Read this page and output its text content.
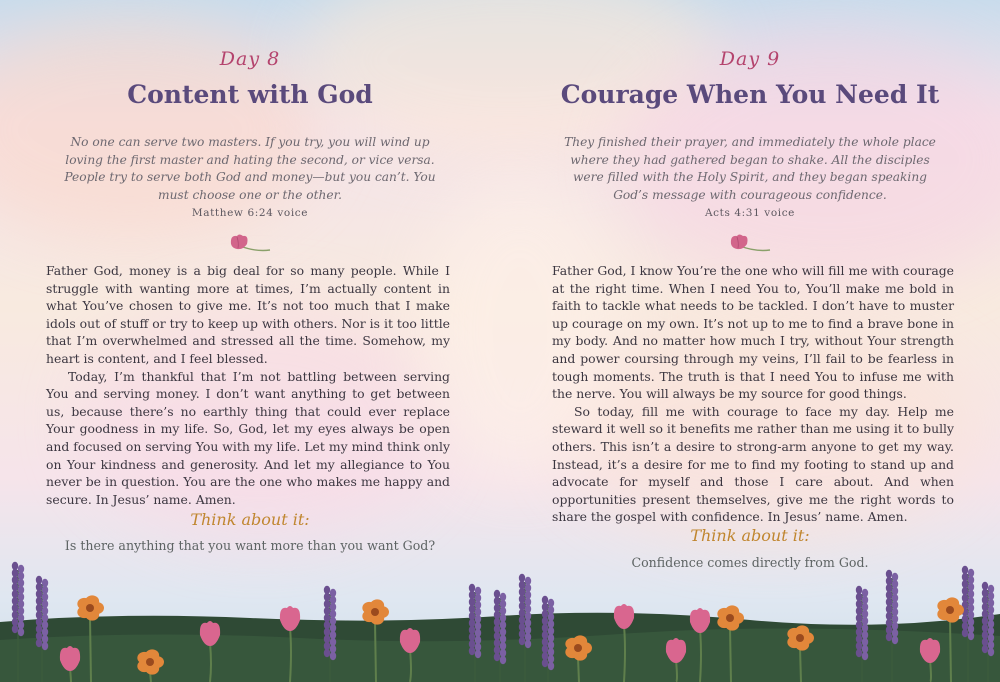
Day 8
Content with God
No one can serve two masters. If you try, you will wind up loving the first master and hating the second, or vice versa. People try to serve both God and money—but you can’t. You must choose one or the other.
Matthew 6:24 voice

Father God, money is a big deal for so many people. While I struggle with wanting more at times, I’m actually content in what You’ve chosen to give me. It’s not too much that I make idols out of stuff or try to keep up with others. Nor is it too little that I’m overwhelmed and stressed all the time. Somehow, my heart is content, and I feel blessed.

Today, I’m thankful that I’m not battling between serving You and serving money. I don’t want anything to get between us, because there’s no earthly thing that could ever replace Your goodness in my life. So, God, let my eyes always be open and focused on serving You with my life. Let my mind think only on Your kindness and generosity. And let my allegiance to You never be in question. You are the one who makes me happy and secure. In Jesus’ name. Amen.

Think about it:
Is there anything that you want more than you want God?
Day 9
Courage When You Need It
They finished their prayer, and immediately the whole place where they had gathered began to shake. All the disciples were filled with the Holy Spirit, and they began speaking God’s message with courageous confidence.
Acts 4:31 voice

Father God, I know You’re the one who will fill me with courage at the right time. When I need You to, You’ll make me bold in faith to tackle what needs to be tackled. I don’t have to muster up courage on my own. It’s not up to me to find a brave bone in my body. And no matter how much I try, without Your strength and power coursing through my veins, I’ll fail to be fearless in tough moments. The truth is that I need You to infuse me with the nerve. You will always be my source for good things.

So today, fill me with courage to face my day. Help me steward it well so it benefits me rather than me using it to bully others. This isn’t a desire to strong-arm anyone to get my way. Instead, it’s a desire for me to find my footing to stand up and advocate for myself and those I care about. And when opportunities present themselves, give me the right words to share the gospel with confidence. In Jesus’ name. Amen.

Think about it:
Confidence comes directly from God.
